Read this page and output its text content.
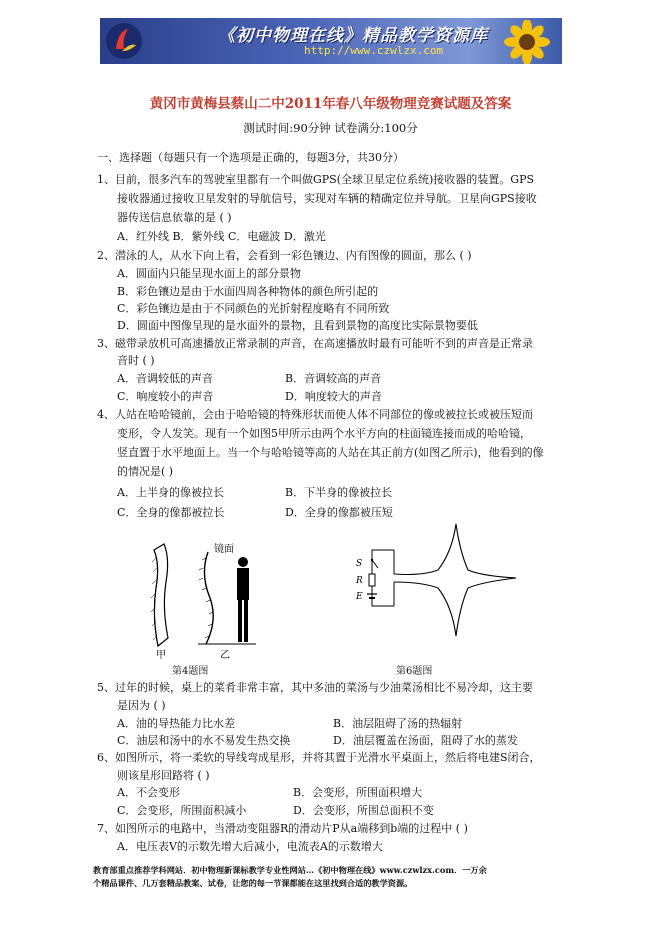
《初中物理在线》精品教学资源库
http://www.czwlzx.com
黄冈市黄梅县蔡山二中2011年春八年级物理竞赛试题及答案
测试时间:90分钟 试卷满分:100分
一、选择题（每题只有一个选项是正确的，每题3分，共30分）
1、目前，很多汽车的驾驶室里都有一个叫做GPS(全球卫星定位系统)接收器的装置。GPS
接收器通过接收卫星发射的导航信号，实现对车辆的精确定位并导航。卫星向GPS接收
器传送信息依靠的是 ( )
A．红外线 B．紫外线 C．电磁波 D．激光
2、潜泳的人，从水下向上看，会看到一彩色镶边、内有图像的圆面，那么 ( )
A．圆面内只能呈现水面上的部分景物
B．彩色镶边是由于水面四周各种物体的颜色所引起的
C．彩色镶边是由于不同颜色的光折射程度略有不同所致
D．圆面中图像呈现的是水面外的景物，且看到景物的高度比实际景物要低
3、磁带录放机可高速播放正常录制的声音，在高速播放时最有可能听不到的声音是正常录
音时 ( )
A．音调较低的声音	B．音调较高的声音
C．响度较小的声音	D．响度较大的声音
4、人站在哈哈镜前，会由于哈哈镜的特殊形状而使人体不同部位的像或被拉长或被压短而
变形，令人发笑。现有一个如图5甲所示由两个水平方向的柱面镜连接而成的哈哈镜，
竖直置于水平地面上。当一个与哈哈镜等高的人站在其正前方(如图乙所示)，他看到的像
的情况是( )
A．上半身的像被拉长	B．下半身的像被拉长
C．全身的像都被拉长	D．全身的像都被压短
镜面
甲	乙
第4题图
S
R
E
第6题图
5、过年的时候，桌上的菜肴非常丰富，其中多油的菜汤与少油菜汤相比不易冷却，这主要
是因为 ( )
A．油的导热能力比水差	B．油层阻碍了汤的热辐射
C．油层和汤中的水不易发生热交换	D．油层覆盖在汤面，阻碍了水的蒸发
6、如图所示，将一柔软的导线弯成星形，并将其置于光滑水平桌面上，然后将电建S闭合，
则该星形回路将 ( )
A．不会变形	B．会变形，所围面积增大
C．会变形，所围面积减小	D．会变形，所围总面积不变
7、如图所示的电路中，当滑动变阻器R的滑动片P从a端移到b端的过程中 ( )
A．电压表V的示数先增大后减小，电流表A的示数增大
教育部重点推荐学科网站．初中物理新课标教学专业性网站…《初中物理在线》www.czwlzx.com．一万余
个精品课件、几万套精品教案、试卷，让您的每一节课都能在这里找到合适的教学资源。
